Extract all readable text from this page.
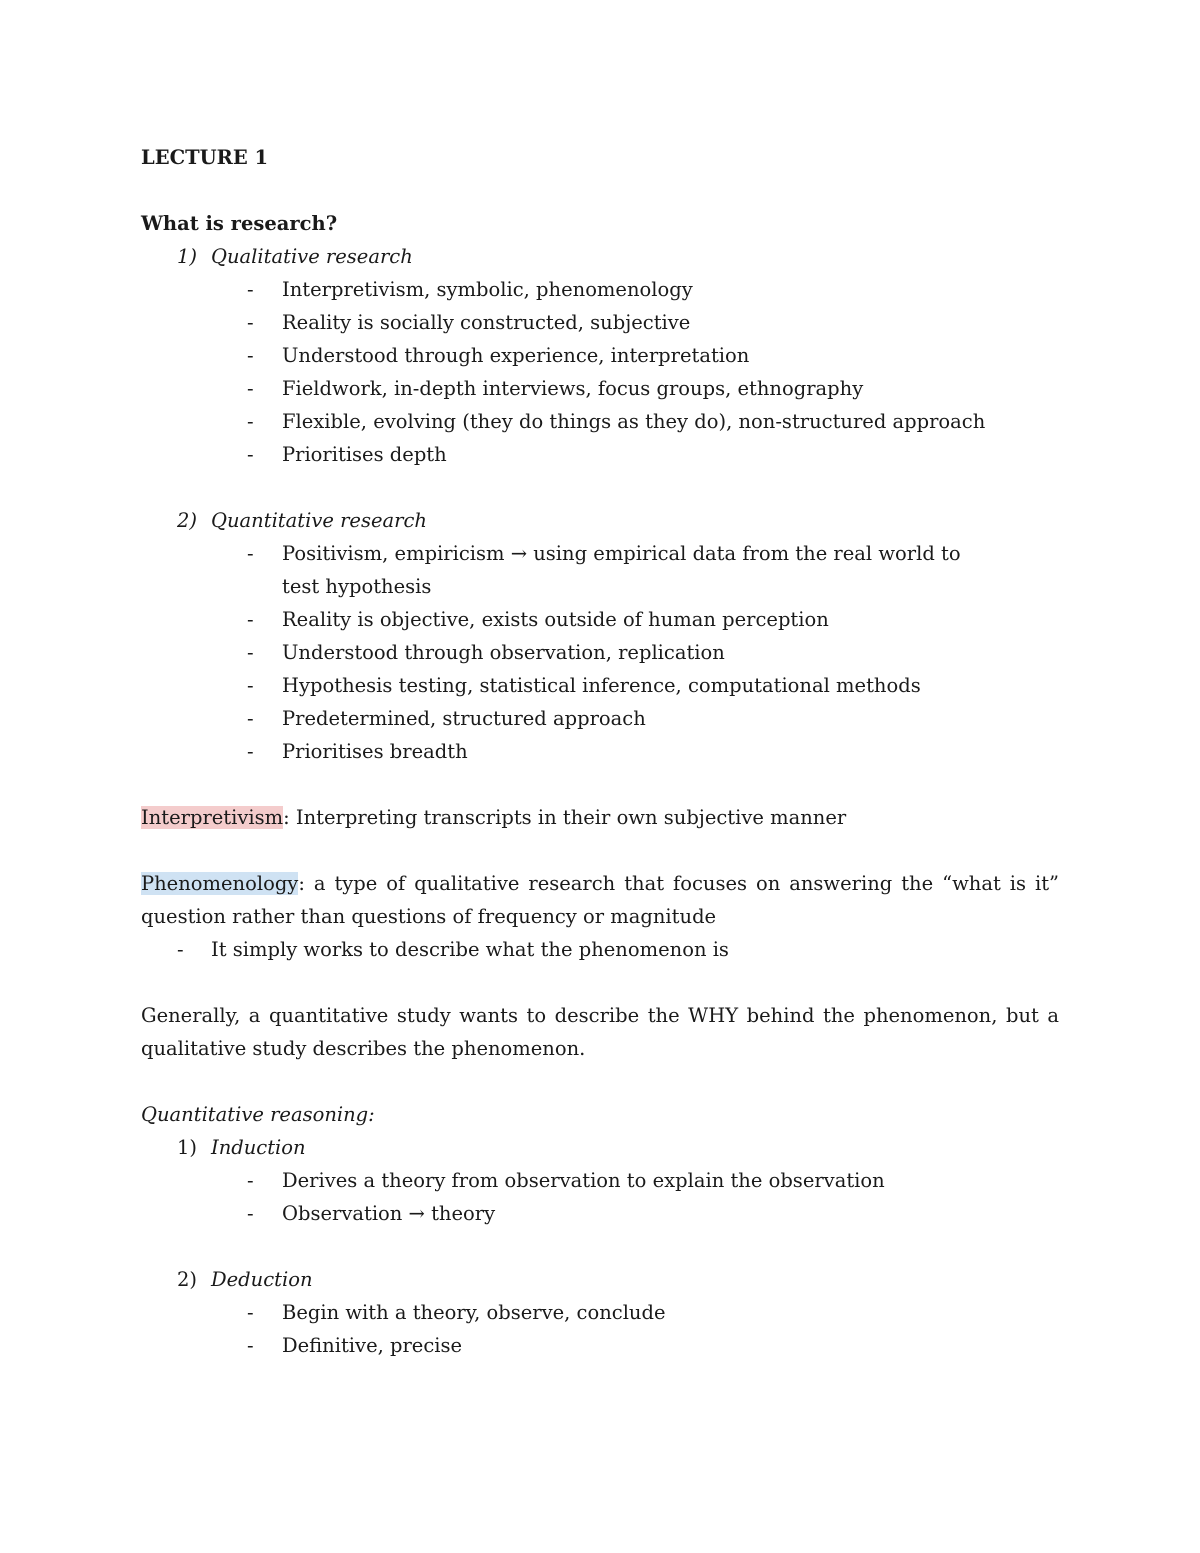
LECTURE 1
What is research?
1) Qualitative research
- Interpretivism, symbolic, phenomenology
- Reality is socially constructed, subjective
- Understood through experience, interpretation
- Fieldwork, in-depth interviews, focus groups, ethnography
- Flexible, evolving (they do things as they do), non-structured approach
- Prioritises depth
2) Quantitative research
- Positivism, empiricism → using empirical data from the real world to test hypothesis
- Reality is objective, exists outside of human perception
- Understood through observation, replication
- Hypothesis testing, statistical inference, computational methods
- Predetermined, structured approach
- Prioritises breadth
Interpretivism: Interpreting transcripts in their own subjective manner
Phenomenology: a type of qualitative research that focuses on answering the “what is it” question rather than questions of frequency or magnitude
- It simply works to describe what the phenomenon is
Generally, a quantitative study wants to describe the WHY behind the phenomenon, but a qualitative study describes the phenomenon.
Quantitative reasoning:
1) Induction
- Derives a theory from observation to explain the observation
- Observation → theory
2) Deduction
- Begin with a theory, observe, conclude
- Definitive, precise
